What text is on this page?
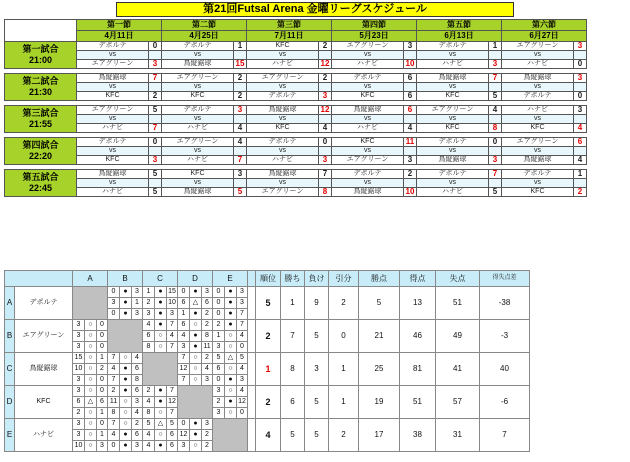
第21回Futsal Arena 金曜リーグスケジュール
	第一節		第二節		第三節		第四節		第五節		第六節	
	4月11日		4月25日		7月11日		5月23日		6月13日		6月27日	

第一試合
21:00	デポルテ	0	デポルテ	1	KFC	2	エアグリーン	3	デポルテ	1	エアグリーン	3
	vs		vs		vs		vs		vs		vs	
	エアグリーン	3	鳥縦鋸球	15	ハナビ	12	ハナビ	10	ハナビ	3	ハナビ	0

第二試合
21:30	鳥縦鋸球	7	エアグリーン	2	エアグリーン	2	デポルテ	6	鳥縦鋸球	7	鳥縦鋸球	3
	vs		vs		vs		vs		vs		vs	
	KFC	2	KFC	2	デポルテ	3	KFC	6	KFC	5	デポルテ	0

第三試合
21:55	エアグリーン	5	デポルテ	3	鳥縦鋸球	12	鳥縦鋸球	6	エアグリーン	4	ハナビ	3
	vs		vs		vs		vs		vs		vs	
	ハナビ	7	ハナビ	4	KFC	4	ハナビ	4	KFC	8	KFC	4

第四試合
22:20	デポルテ	0	エアグリーン	4	デポルテ	0	KFC	11	デポルテ	0	エアグリーン	6
	vs		vs		vs		vs		vs		vs	
	KFC	3	ハナビ	7	ハナビ	3	エアグリーン	3	鳥縦鋸球	3	鳥縦鋸球	4

第五試合
22:45	鳥縦鋸球	5	KFC	3	鳥縦鋸球	7	デポルテ	2	デポルテ	7	デポルテ	1
	vs		vs		vs		vs		vs		vs	
	ハナビ	5	鳥縦鋸球	5	エアグリーン	8	鳥縦鋸球	10	ハナビ	5	KFC	2
		A			B			C			D			E				順位	勝ち	負け	引分	勝点	得点	失点	得失点差
A	デポルテ				0	●	3	1	●	15	0	●	3	0	●	3		5	1	9	2	5	13	51	-38
					3	●	1	2	●	10	6	△	6	0	●	3									
					0	●	3	3	●	3	1	●	2	0	●	7									
B	エアグリーン	3	○	0				4	●	7	6	○	2	2	●	7		2	7	5	0	21	46	49	-3
		3	○	0				6	○	4	4	●	8	1	○	4									
		3	○	0				8	○	7	3	●	11	3	○	0									
C	鳥縦鋸球	15	○	1	7	○	4				7	○	2	5	△	5		1	8	3	1	25	81	41	40
		10	○	2	4	●	6				12	○	4	6	○	4									
		3	○	0	7	●	8				7	○	3	0	●	3									
D	KFC	3	○	0	2	●	6	2	●	7				3	○	4		2	6	5	1	19	51	57	-6
		6	△	6	11	○	3	4	●	12				2	●	12									
		2	○	1	8	○	4	8	○	7				3	○	0									
E	ハナビ	3	○	0	7	○	2	5	△	5	0	●	3					4	5	5	2	17	38	31	7
		3	○	1	4	●	6	4	○	6	12	●	2												
		10	○	3	0	●	3	4	●	6	3	○	2												
